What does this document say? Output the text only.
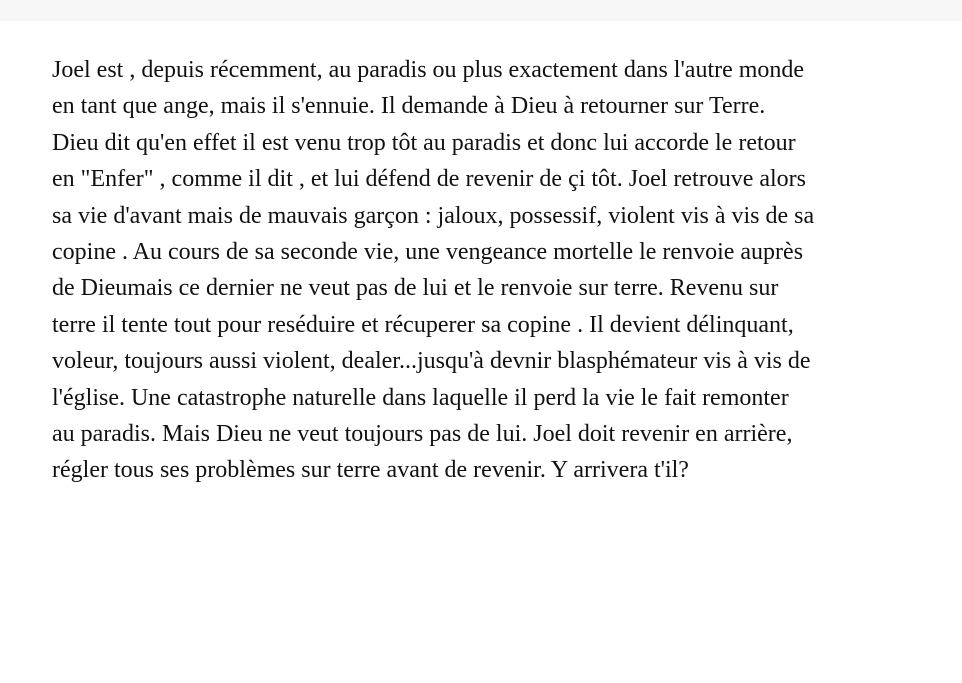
Joel est , depuis récemment, au paradis ou plus exactement dans l'autre monde
en tant que ange, mais il s'ennuie. Il demande à Dieu à retourner sur Terre.
Dieu dit qu'en effet il est venu trop tôt au paradis et donc lui accorde le retour
en "Enfer" , comme il dit , et lui défend de revenir de çi tôt. Joel retrouve alors
sa vie d'avant mais de mauvais garçon : jaloux, possessif, violent vis à vis de sa
copine . Au cours de sa seconde vie, une vengeance mortelle le renvoie auprès
de Dieumais ce dernier ne veut pas de lui et le renvoie sur terre. Revenu sur
terre il tente tout pour reséduire et récuperer sa copine . Il devient délinquant,
voleur, toujours aussi violent, dealer...jusqu'à devnir blasphémateur vis à vis de
l'église. Une catastrophe naturelle dans laquelle il perd la vie le fait remonter
au paradis. Mais Dieu ne veut toujours pas de lui. Joel doit revenir en arrière,
régler tous ses problèmes sur terre avant de revenir. Y arrivera t'il?
